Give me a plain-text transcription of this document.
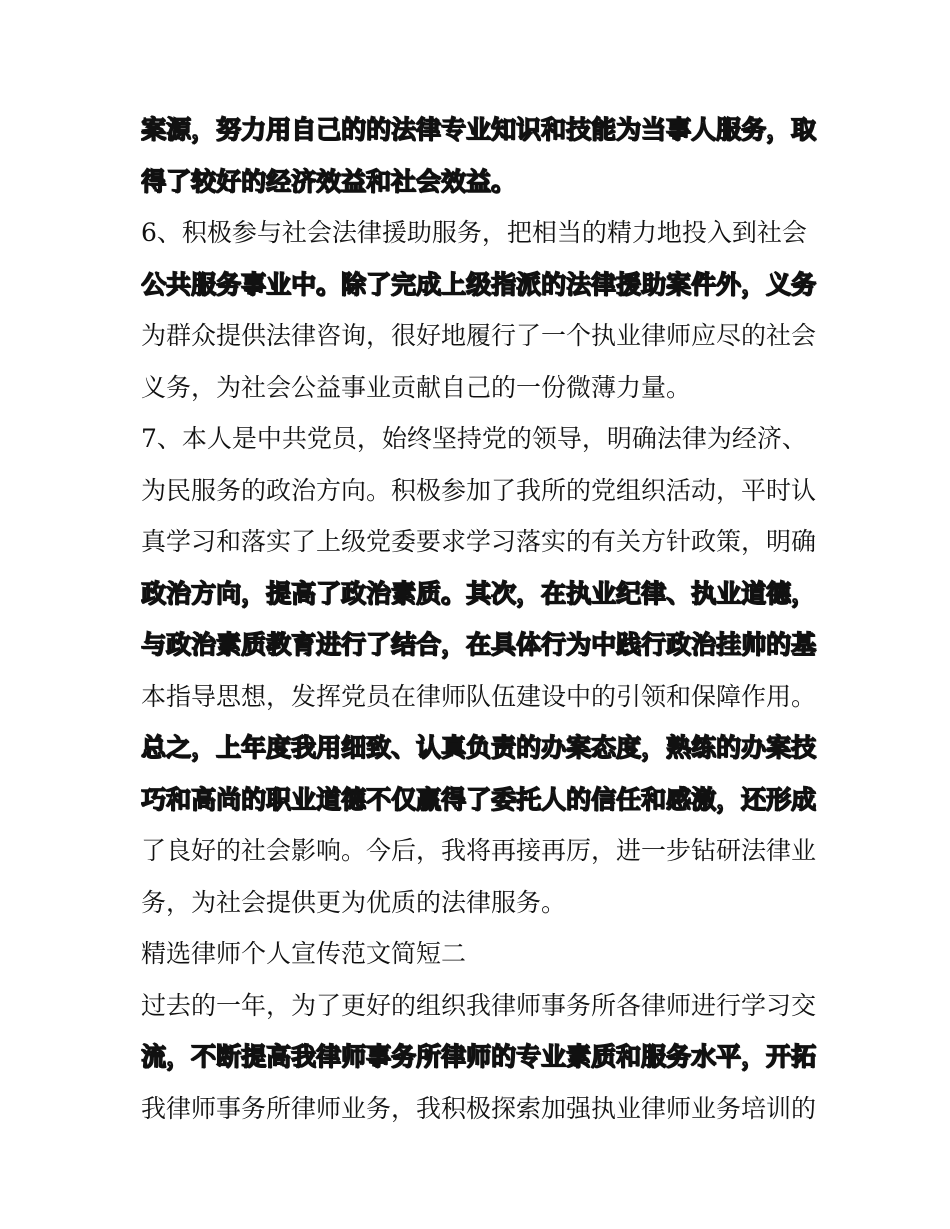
案源，努力用自己的的法律专业知识和技能为当事人服务，取
得了较好的经济效益和社会效益。
6、积极参与社会法律援助服务，把相当的精力地投入到社会
公共服务事业中。除了完成上级指派的法律援助案件外，义务
为群众提供法律咨询，很好地履行了一个执业律师应尽的社会
义务，为社会公益事业贡献自己的一份微薄力量。
7、本人是中共党员，始终坚持党的领导，明确法律为经济、
为民服务的政治方向。积极参加了我所的党组织活动，平时认
真学习和落实了上级党委要求学习落实的有关方针政策，明确
政治方向，提高了政治素质。其次，在执业纪律、执业道德，
与政治素质教育进行了结合，在具体行为中践行政治挂帅的基
本指导思想，发挥党员在律师队伍建设中的引领和保障作用。
总之，上年度我用细致、认真负责的办案态度，熟练的办案技
巧和高尚的职业道德不仅赢得了委托人的信任和感激，还形成
了良好的社会影响。今后，我将再接再厉，进一步钻研法律业
务，为社会提供更为优质的法律服务。
精选律师个人宣传范文简短二
过去的一年，为了更好的组织我律师事务所各律师进行学习交
流，不断提高我律师事务所律师的专业素质和服务水平，开拓
我律师事务所律师业务，我积极探索加强执业律师业务培训的
